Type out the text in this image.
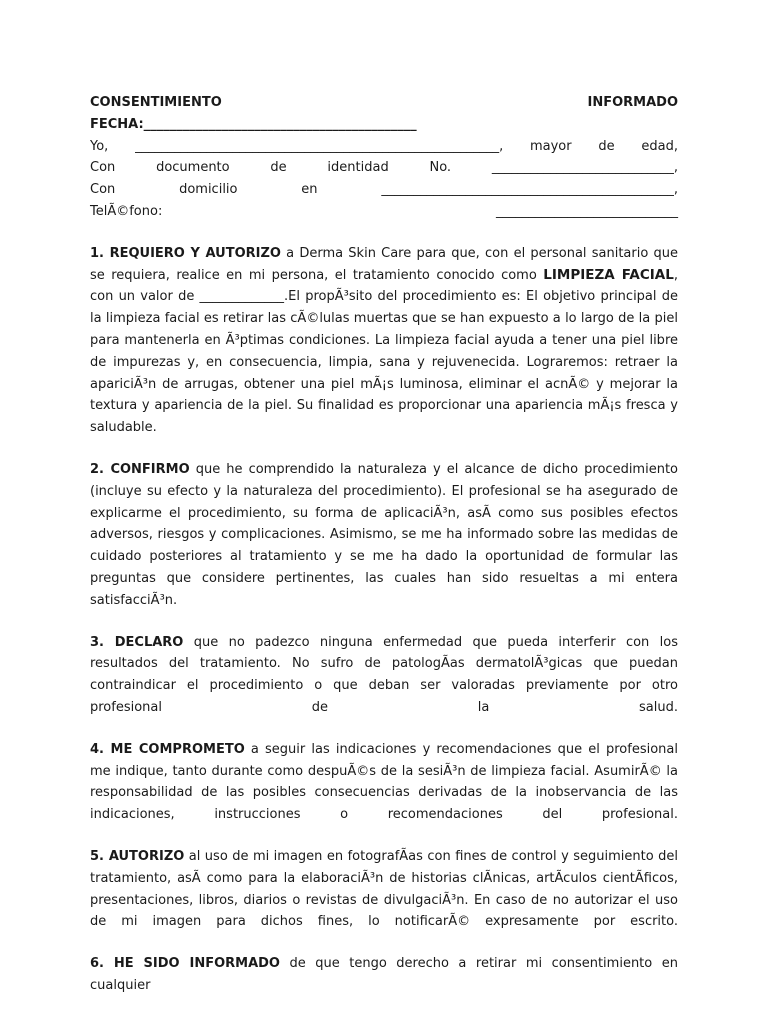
CONSENTIMIENTO	INFORMADO
FECHA:__________________________________________
Yo, ________________________________________________________, mayor de edad,
Con	documento	de	identidad	No.	____________________________,
Con	domicilio	en	_____________________________________________,
TelÃ©fono:	____________________________

1. REQUIERO Y AUTORIZO a Derma Skin Care para que, con el personal sanitario que se requiera, realice en mi persona, el tratamiento conocido como LIMPIEZA FACIAL, con un valor de _____________.El propÃ³sito del procedimiento es: El objetivo principal de la limpieza facial es retirar las cÃ©lulas muertas que se han expuesto a lo largo de la piel para mantenerla en Ã³ptimas condiciones. La limpieza facial ayuda a tener una piel libre de impurezas y, en consecuencia, limpia, sana y rejuvenecida. Lograremos: retraer la apariciÃ³n de arrugas, obtener una piel mÃ¡s luminosa, eliminar el acnÃ© y mejorar la textura y apariencia de la piel. Su finalidad es proporcionar una apariencia mÃ¡s fresca y saludable.

2. CONFIRMO que he comprendido la naturaleza y el alcance de dicho procedimiento (incluye su efecto y la naturaleza del procedimiento). El profesional se ha asegurado de explicarme el procedimiento, su forma de aplicaciÃ³n, asÃ como sus posibles efectos adversos, riesgos y complicaciones. Asimismo, se me ha informado sobre las medidas de cuidado posteriores al tratamiento y se me ha dado la oportunidad de formular las preguntas que considere pertinentes, las cuales han sido resueltas a mi entera satisfacciÃ³n.

3. DECLARO que no padezco ninguna enfermedad que pueda interferir con los resultados del tratamiento. No sufro de patologÃas dermatolÃ³gicas que puedan contraindicar el procedimiento o que deban ser valoradas previamente por otro profesional de la salud.

4. ME COMPROMETO a seguir las indicaciones y recomendaciones que el profesional me indique, tanto durante como despuÃ©s de la sesiÃ³n de limpieza facial. AsumirÃ© la responsabilidad de las posibles consecuencias derivadas de la inobservancia de las indicaciones, instrucciones o recomendaciones del profesional.

5. AUTORIZO al uso de mi imagen en fotografÃas con fines de control y seguimiento del tratamiento, asÃ como para la elaboraciÃ³n de historias clÃnicas, artÃculos cientÃficos, presentaciones, libros, diarios o revistas de divulgaciÃ³n. En caso de no autorizar el uso de mi imagen para dichos fines, lo notificarÃ© expresamente por escrito.

6. HE SIDO INFORMADO de que tengo derecho a retirar mi consentimiento en cualquier
